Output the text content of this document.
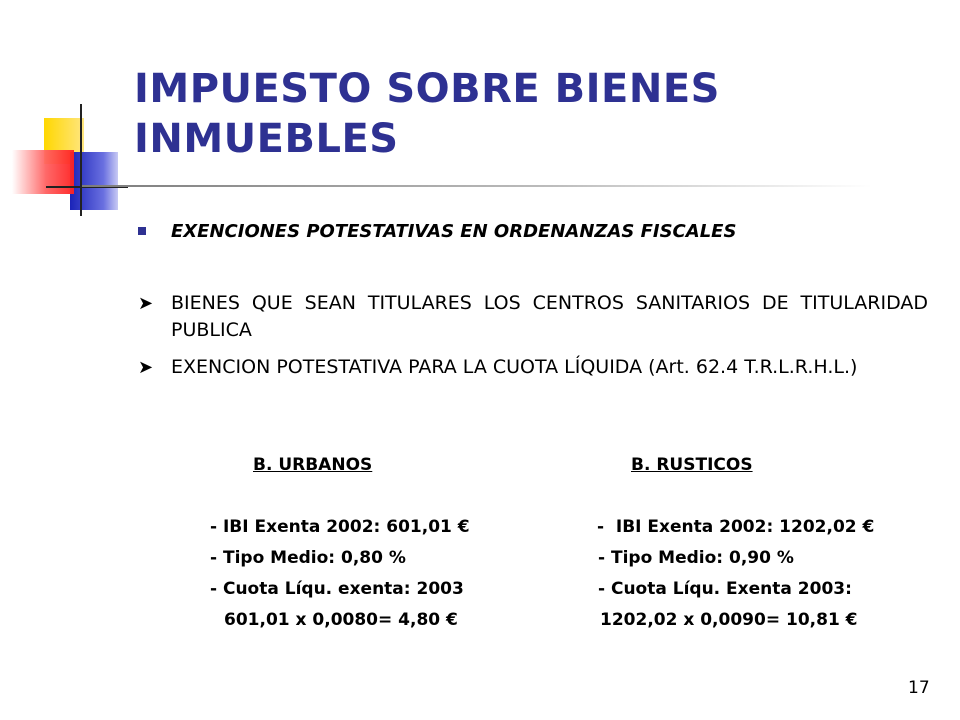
IMPUESTO SOBRE BIENES INMUEBLES
EXENCIONES POTESTATIVAS EN ORDENANZAS FISCALES
➤ BIENES QUE SEAN TITULARES LOS CENTROS SANITARIOS DE TITULARIDAD PUBLICA
➤ EXENCION POTESTATIVA PARA LA CUOTA LÍQUIDA (Art. 62.4 T.R.L.R.H.L.)
B. URBANOS
- IBI Exenta 2002: 601,01 €
- Tipo Medio: 0,80 %
- Cuota Líqu. exenta: 2003
601,01 x 0,0080= 4,80 €
B. RUSTICOS
-  IBI Exenta 2002: 1202,02 €
- Tipo Medio: 0,90 %
- Cuota Líqu. Exenta 2003:
1202,02 x 0,0090= 10,81 €
17
